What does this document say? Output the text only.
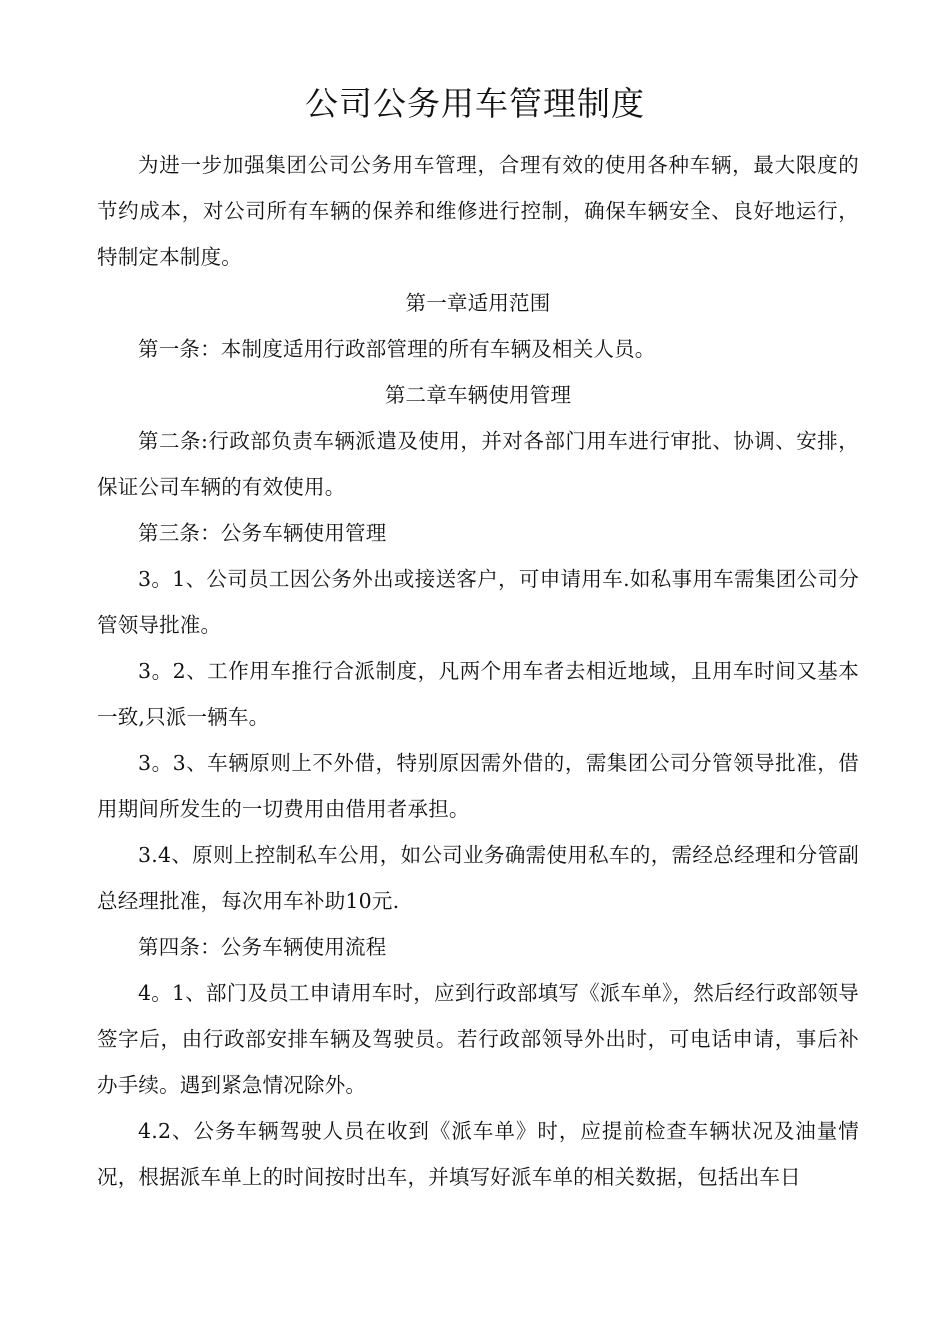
公司公务用车管理制度

为进一步加强集团公司公务用车管理，合理有效的使用各种车辆，最大限度的节约成本，对公司所有车辆的保养和维修进行控制，确保车辆安全、良好地运行，特制定本制度。

第一章适用范围

第一条：本制度适用行政部管理的所有车辆及相关人员。

第二章车辆使用管理

第二条:行政部负责车辆派遣及使用，并对各部门用车进行审批、协调、安排，保证公司车辆的有效使用。

第三条：公务车辆使用管理

3。1、公司员工因公务外出或接送客户，可申请用车.如私事用车需集团公司分管领导批准。

3。2、工作用车推行合派制度，凡两个用车者去相近地域，且用车时间又基本一致,只派一辆车。

3。3、车辆原则上不外借，特别原因需外借的，需集团公司分管领导批准，借用期间所发生的一切费用由借用者承担。

3.4、原则上控制私车公用，如公司业务确需使用私车的，需经总经理和分管副总经理批准，每次用车补助10元.

第四条：公务车辆使用流程

4。1、部门及员工申请用车时，应到行政部填写《派车单》，然后经行政部领导签字后，由行政部安排车辆及驾驶员。若行政部领导外出时，可电话申请，事后补办手续。遇到紧急情况除外。

4.2、公务车辆驾驶人员在收到《派车单》时，应提前检查车辆状况及油量情况，根据派车单上的时间按时出车，并填写好派车单的相关数据，包括出车日
